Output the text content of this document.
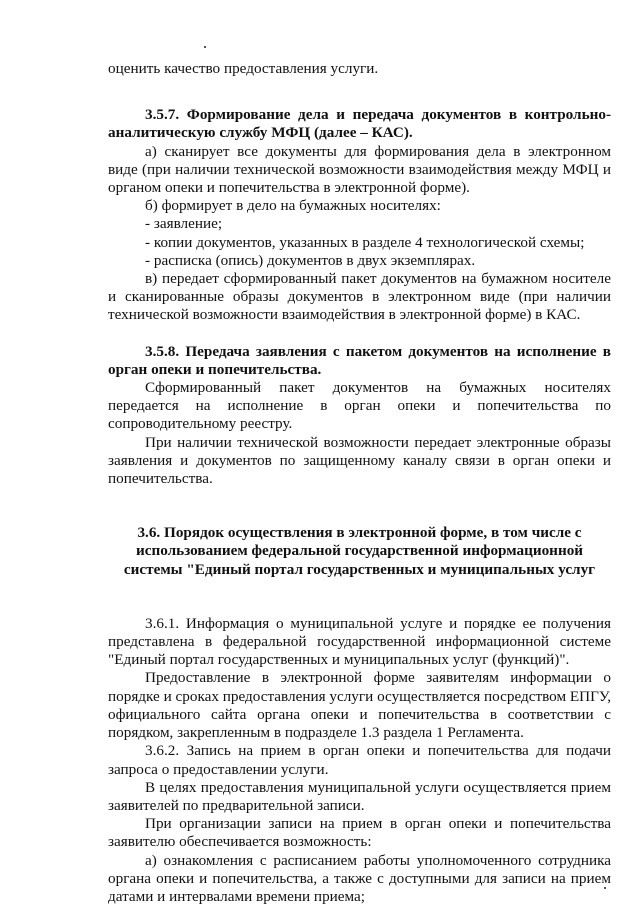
оценить качество предоставления услуги.

3.5.7. Формирование дела и передача документов в контрольно-аналитическую службу МФЦ (далее – КАС).

а) сканирует все документы для формирования дела в электронном виде (при наличии технической возможности взаимодействия между МФЦ и органом опеки и попечительства в электронной форме).

б) формирует в дело на бумажных носителях:

- заявление;

- копии документов, указанных в разделе 4 технологической схемы;

- расписка (опись) документов в двух экземплярах.

в) передает сформированный пакет документов на бумажном носителе и сканированные образы документов в электронном виде (при наличии технической возможности взаимодействия в электронной форме) в КАС.

3.5.8. Передача заявления с пакетом документов на исполнение в орган опеки и попечительства.

Сформированный пакет документов на бумажных носителях передается на исполнение в орган опеки и попечительства по сопроводительному реестру.

При наличии технической возможности передает электронные образы заявления и документов по защищенному каналу связи в орган опеки и попечительства.

3.6. Порядок осуществления в электронной форме, в том числе с использованием федеральной государственной информационной системы "Единый портал государственных и муниципальных услуг

3.6.1. Информация о муниципальной услуге и порядке ее получения представлена в федеральной государственной информационной системе "Единый портал государственных и муниципальных услуг (функций)".

Предоставление в электронной форме заявителям информации о порядке и сроках предоставления услуги осуществляется посредством ЕПГУ, официального сайта органа опеки и попечительства в соответствии с порядком, закрепленным в подразделе 1.3 раздела 1 Регламента.

3.6.2. Запись на прием в орган опеки и попечительства для подачи запроса о предоставлении услуги.

В целях предоставления муниципальной услуги осуществляется прием заявителей по предварительной записи.

При организации записи на прием в орган опеки и попечительства заявителю обеспечивается возможность:

а) ознакомления с расписанием работы уполномоченного сотрудника органа опеки и попечительства, а также с доступными для записи на прием датами и интервалами времени приема;
